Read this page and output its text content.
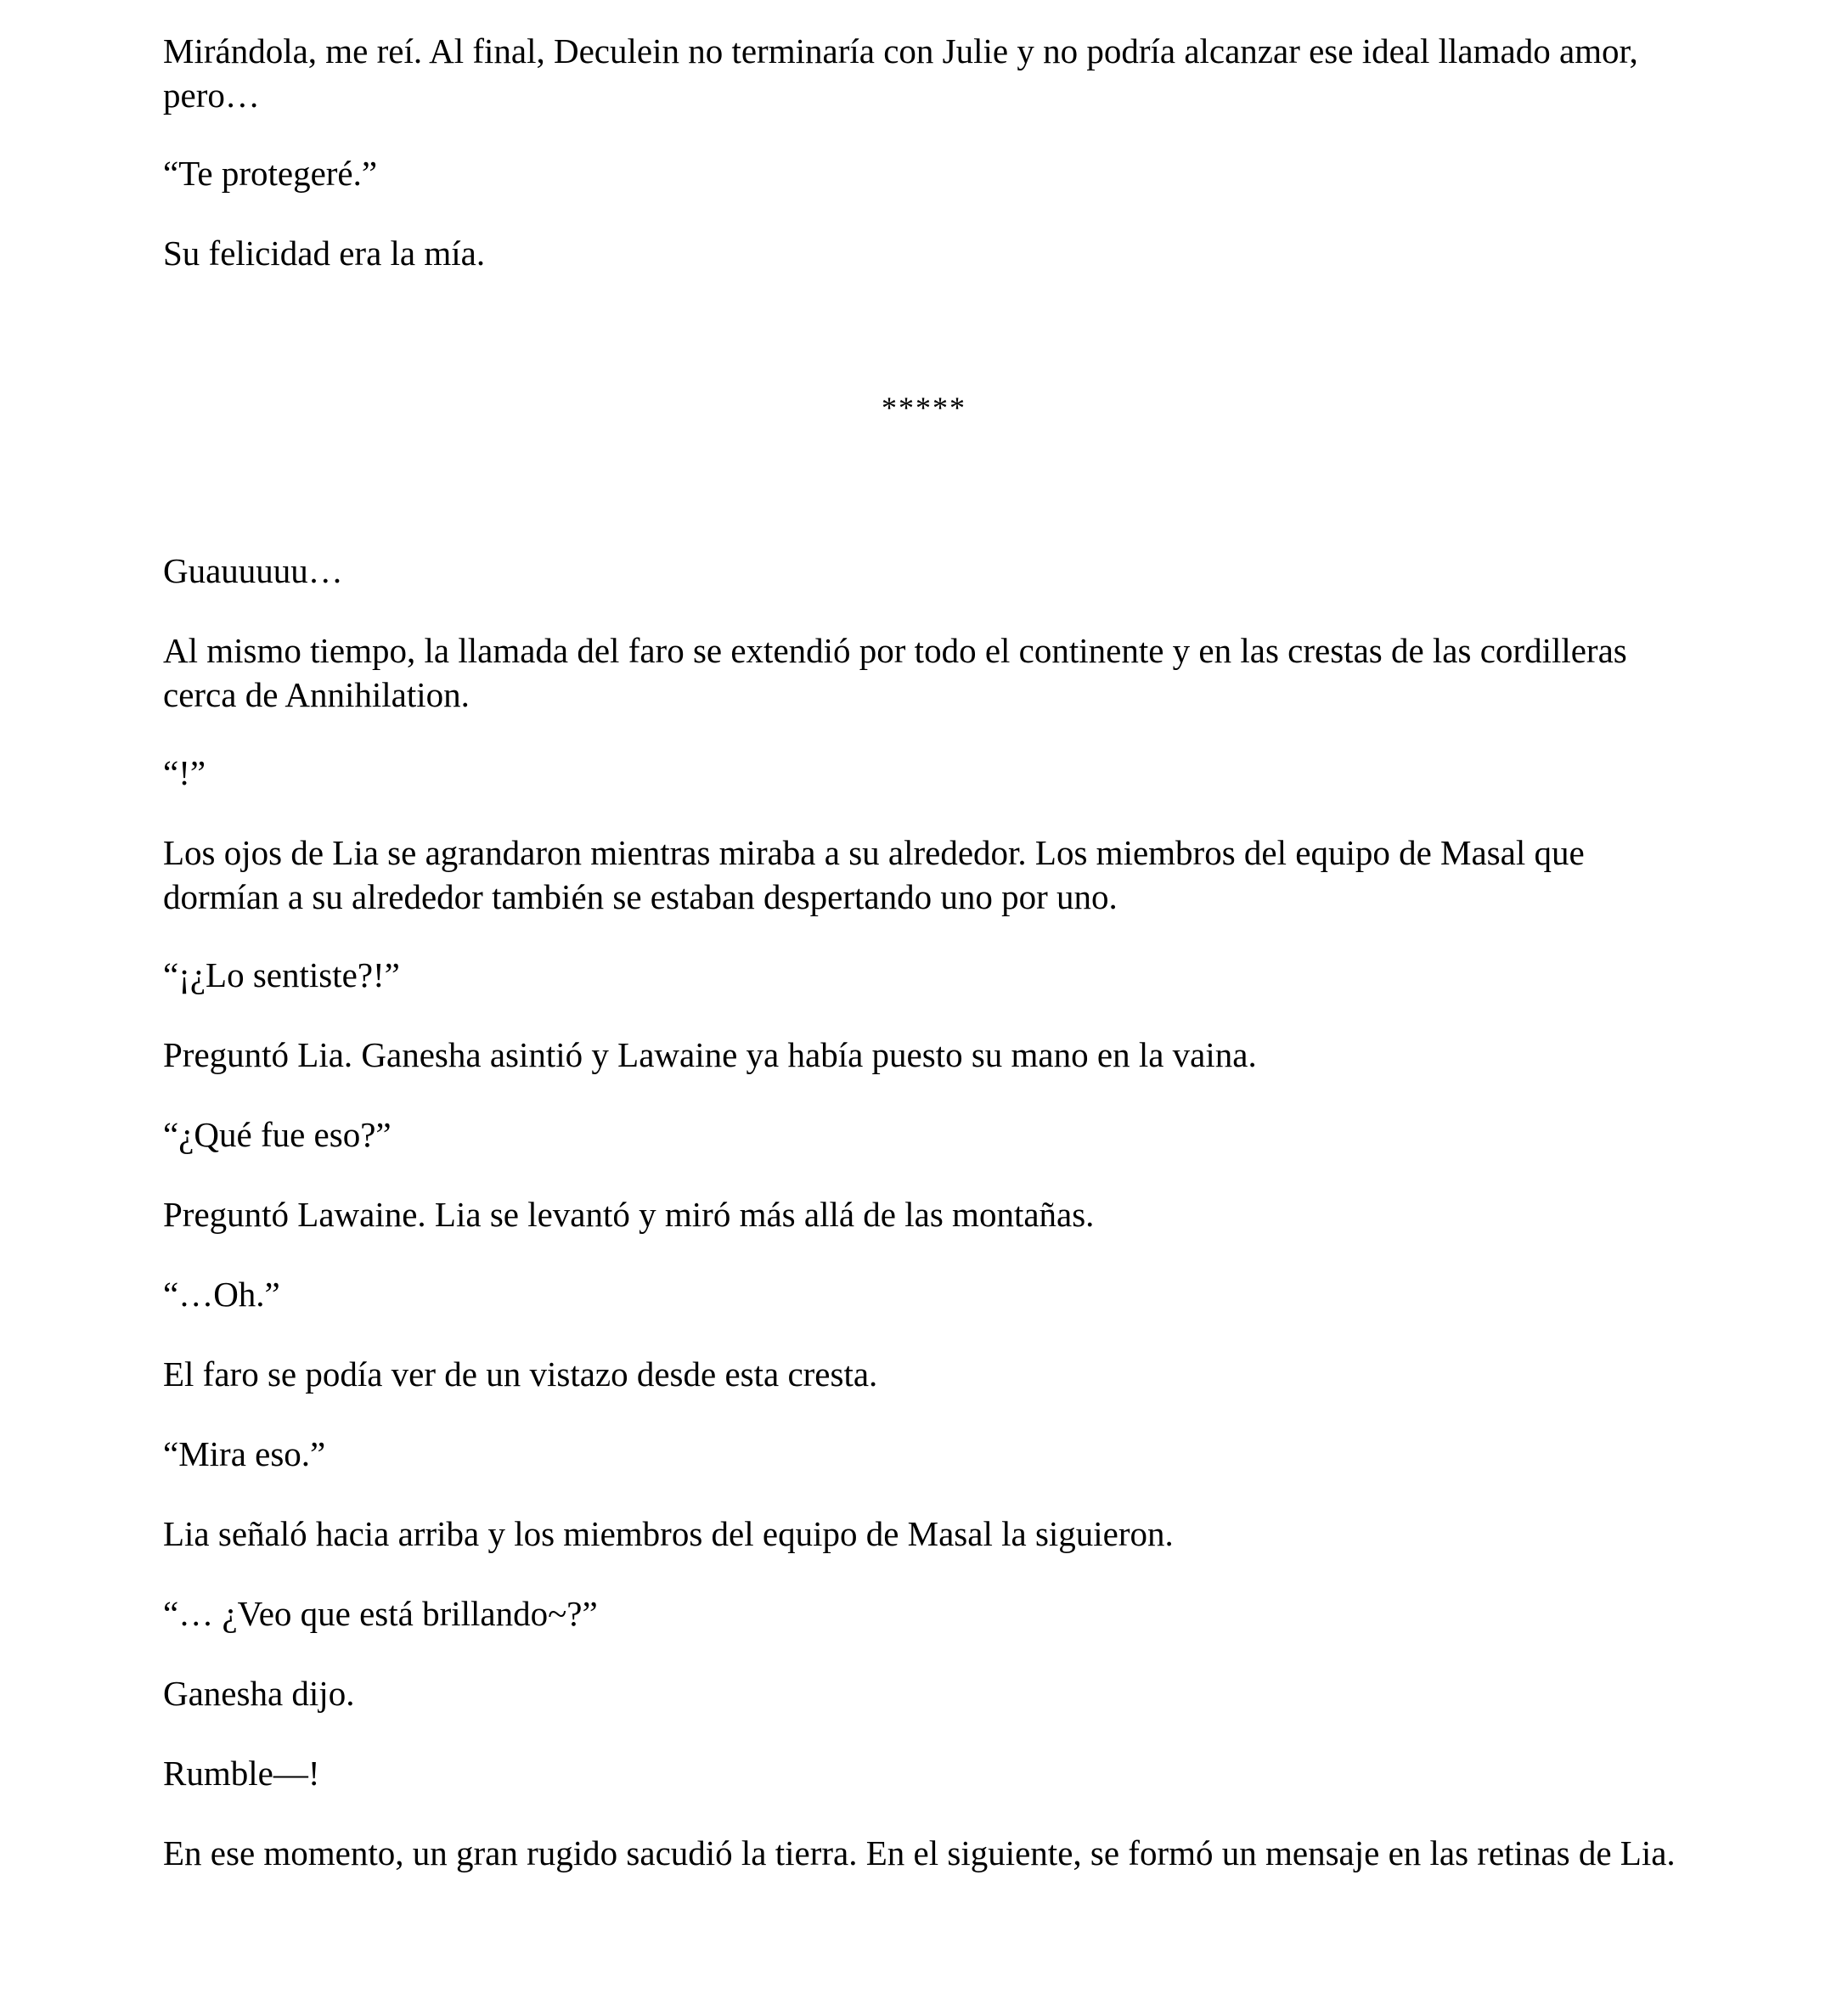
Mirándola, me reí. Al final, Deculein no terminaría con Julie y no podría alcanzar ese ideal llamado amor, pero…

“Te protegeré.”

Su felicidad era la mía.

*****

Guauuuuu…

Al mismo tiempo, la llamada del faro se extendió por todo el continente y en las crestas de las cordilleras cerca de Annihilation.

“!”

Los ojos de Lia se agrandaron mientras miraba a su alrededor. Los miembros del equipo de Masal que dormían a su alrededor también se estaban despertando uno por uno.

“¡¿Lo sentiste?!”

Preguntó Lia. Ganesha asintió y Lawaine ya había puesto su mano en la vaina.

“¿Qué fue eso?”

Preguntó Lawaine. Lia se levantó y miró más allá de las montañas.

“…Oh.”

El faro se podía ver de un vistazo desde esta cresta.

“Mira eso.”

Lia señaló hacia arriba y los miembros del equipo de Masal la siguieron.

“… ¿Veo que está brillando~?”

Ganesha dijo.

Rumble—!

En ese momento, un gran rugido sacudió la tierra. En el siguiente, se formó un mensaje en las retinas de Lia.
